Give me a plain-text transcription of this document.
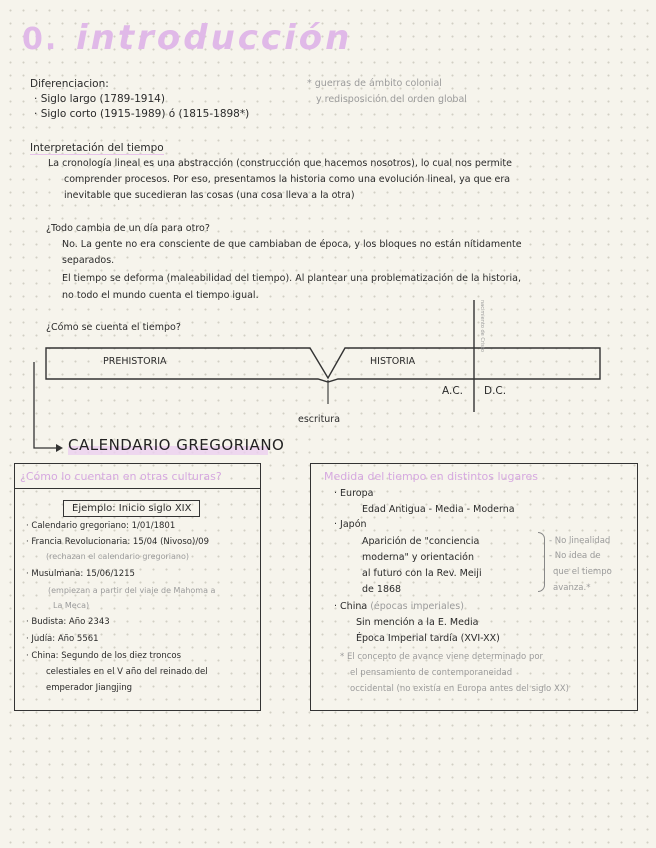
0. introducción
Diferenciacion:
· Siglo largo (1789-1914)
· Siglo corto (1915-1989) ó (1815-1898*)
* guerras de ámbito colonial
y redisposición del orden global
Interpretación del tiempo
La cronología lineal es una abstracción (construcción que hacemos nosotros), lo cual nos permite
comprender procesos. Por eso, presentamos la historia como una evolución lineal, ya que era
inevitable que sucedieran las cosas (una cosa lleva a la otra)
¿Todo cambia de un día para otro?
No. La gente no era consciente de que cambiaban de época, y los bloques no están nítidamente
separados.
El tiempo se deforma (maleabilidad del tiempo). Al plantear una problematización de la historia,
no todo el mundo cuenta el tiempo igual.
¿Cómo se cuenta el tiempo?
PREHISTORIA	HISTORIA
A.C. D.C.
nacimiento de Cristo
escritura
CALENDARIO GREGORIANO
¿Cómo lo cuentan en otras culturas?
Ejemplo: Inicio siglo XIX
· Calendario gregoriano: 1/01/1801
· Francia Revolucionaria: 15/04 (Nivoso)/09
(rechazan el calendario gregoriano)
· Musulmana: 15/06/1215
(empiezan a partir del viaje de Mahoma a
La Meca)
· Budista: Año 2343
· Judía: Año 5561
· China: Segundo de los diez troncos
celestiales en el V año del reinado del
emperador Jiangjing
Medida del tiempo en distintos lugares
· Europa
Edad Antigua - Media - Moderna
· Japón
Aparición de "conciencia
moderna" y orientación
al futuro con la Rev. Meiji
de 1868
- No linealidad
- No idea de
que el tiempo
avanza.*
· China (épocas imperiales)
Sin mención a la E. Media
Época Imperial tardía (XVI-XX)
* El concepto de avance viene determinado por
el pensamiento de contemporaneidad
occidental (no existía en Europa antes del siglo XX)
